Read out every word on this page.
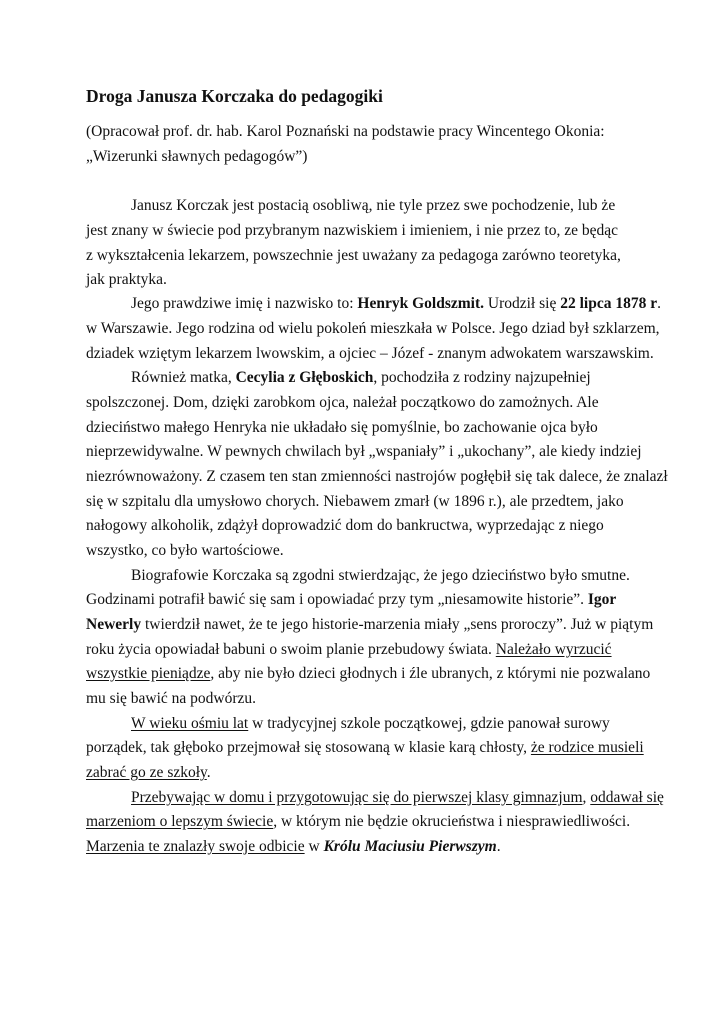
Droga Janusza Korczaka do pedagogiki
(Opracował prof. dr. hab. Karol Poznański na podstawie pracy Wincentego Okonia:
„Wizerunki sławnych pedagogów”)
Janusz Korczak jest postacią osobliwą, nie tyle przez swe pochodzenie, lub że
jest znany w świecie pod przybranym nazwiskiem i imieniem, i nie przez to, ze będąc
z wykształcenia lekarzem, powszechnie jest uważany za pedagoga zarówno teoretyka,
jak praktyka.
Jego prawdziwe imię i nazwisko to: Henryk Goldszmit. Urodził się 22 lipca 1878 r.
w Warszawie. Jego rodzina od wielu pokoleń mieszkała w Polsce. Jego dziad był szklarzem,
dziadek wziętym lekarzem lwowskim, a ojciec – Józef - znanym adwokatem warszawskim.
Również matka, Cecylia z Głęboskich, pochodziła z rodziny najzupełniej
spolszczonej. Dom, dzięki zarobkom ojca, należał początkowo do zamożnych. Ale
dzieciństwo małego Henryka nie układało się pomyślnie, bo zachowanie ojca było
nieprzewidywalne. W pewnych chwilach był „wspaniały” i „ukochany”, ale kiedy indziej
niezrównoważony. Z czasem ten stan zmienności nastrojów pogłębił się tak dalece, że znalazł
się w szpitalu dla umysłowo chorych. Niebawem zmarł (w 1896 r.), ale przedtem, jako
nałogowy alkoholik, zdążył doprowadzić dom do bankructwa, wyprzedając z niego
wszystko, co było wartościowe.
Biografowie Korczaka są zgodni stwierdzając, że jego dzieciństwo było smutne.
Godzinami potrafił bawić się sam i opowiadać przy tym „niesamowite historie”. Igor
Newerly twierdził nawet, że te jego historie-marzenia miały „sens proroczy”. Już w piątym
roku życia opowiadał babuni o swoim planie przebudowy świata. Należało wyrzucić
wszystkie pieniądze, aby nie było dzieci głodnych i źle ubranych, z którymi nie pozwalano
mu się bawić na podwórzu.
W wieku ośmiu lat w tradycyjnej szkole początkowej, gdzie panował surowy
porządek, tak głęboko przejmował się stosowaną w klasie karą chłosty, że rodzice musieli
zabrać go ze szkoły.
Przebywając w domu i przygotowując się do pierwszej klasy gimnazjum, oddawał się
marzeniom o lepszym świecie, w którym nie będzie okrucieństwa i niesprawiedliwości.
Marzenia te znalazły swoje odbicie w Królu Maciusiu Pierwszym.
